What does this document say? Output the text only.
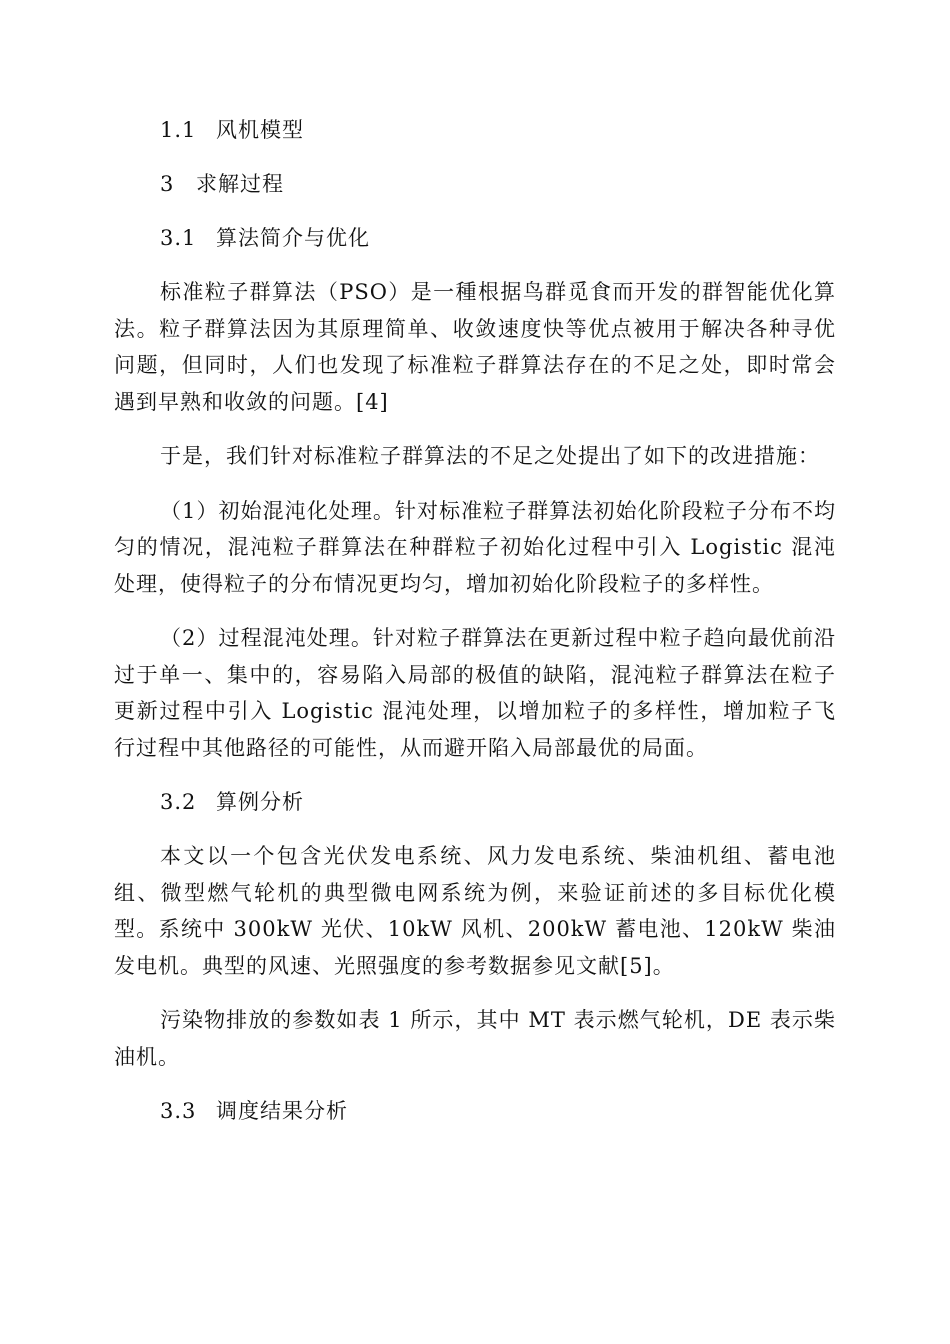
1.1 风机模型
3 求解过程
3.1 算法简介与优化

标准粒子群算法（PSO）是一種根据鸟群觅食而开发的群智能优化算法。粒子群算法因为其原理简单、收敛速度快等优点被用于解决各种寻优问题，但同时，人们也发现了标准粒子群算法存在的不足之处，即时常会遇到早熟和收敛的问题。[4]

于是，我们针对标准粒子群算法的不足之处提出了如下的改进措施：

（1）初始混沌化处理。针对标准粒子群算法初始化阶段粒子分布不均匀的情况，混沌粒子群算法在种群粒子初始化过程中引入 Logistic 混沌处理，使得粒子的分布情况更均匀，增加初始化阶段粒子的多样性。

（2）过程混沌处理。针对粒子群算法在更新过程中粒子趋向最优前沿过于单一、集中的，容易陷入局部的极值的缺陷，混沌粒子群算法在粒子更新过程中引入 Logistic 混沌处理，以增加粒子的多样性，增加粒子飞行过程中其他路径的可能性，从而避开陷入局部最优的局面。

3.2 算例分析

本文以一个包含光伏发电系统、风力发电系统、柴油机组、蓄电池组、微型燃气轮机的典型微电网系统为例，来验证前述的多目标优化模型。系统中 300kW 光伏、10kW 风机、200kW 蓄电池、120kW 柴油发电机。典型的风速、光照强度的参考数据参见文献[5]。

污染物排放的参数如表 1 所示，其中 MT 表示燃气轮机，DE 表示柴油机。

3.3 调度结果分析
